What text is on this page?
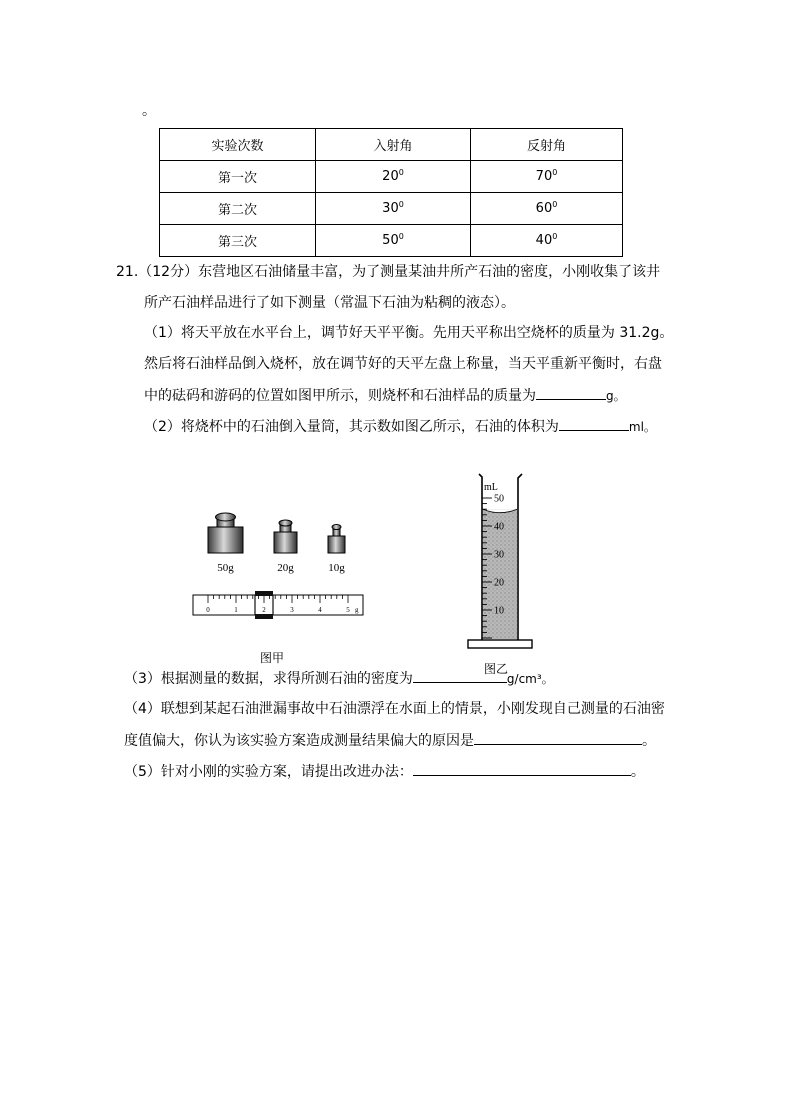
。
实验次数	入射角	反射角
第一次	$20^0$	$70^0$
第二次	$30^0$	$60^0$
第三次	$50^0$	$40^0$
21.（12分）东营地区石油储量丰富，为了测量某油井所产石油的密度，小刚收集了该井
所产石油样品进行了如下测量（常温下石油为粘稠的液态）。
（1）将天平放在水平台上，调节好天平平衡。先用天平称出空烧杯的质量为 31.2g。
然后将石油样品倒入烧杯，放在调节好的天平左盘上称量，当天平重新平衡时，右盘
中的砝码和游码的位置如图甲所示，则烧杯和石油样品的质量为	g。
（2）将烧杯中的石油倒入量筒，其示数如图乙所示，石油的体积为	ml。
50g	20g	10g
0	1	2	3	4	5 g
图甲
50
40
30
20
10
mL
图乙
（3）根据测量的数据，求得所测石油的密度为	g/cm³。
（4）联想到某起石油泄漏事故中石油漂浮在水面上的情景，小刚发现自己测量的石油密
度值偏大，你认为该实验方案造成测量结果偏大的原因是	。
（5）针对小刚的实验方案，请提出改进办法：	。
